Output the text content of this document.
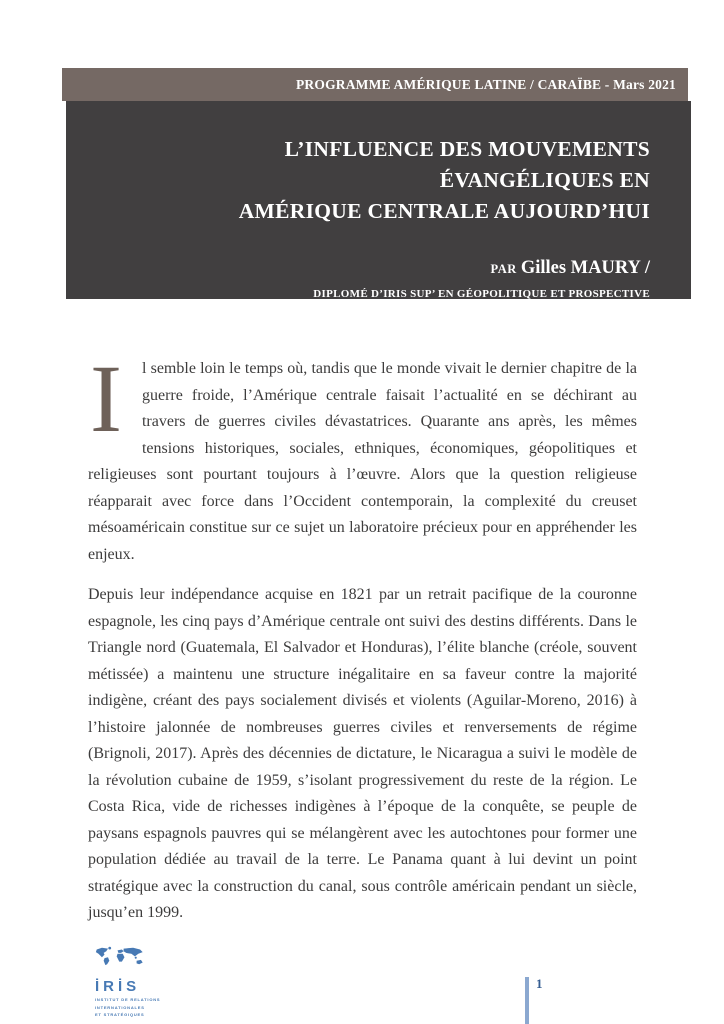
PROGRAMME AMÉRIQUE LATINE / CARAÏBE - Mars 2021
L’INFLUENCE DES MOUVEMENTS ÉVANGÉLIQUES EN
AMÉRIQUE CENTRALE AUJOURD’HUI
PAR Gilles MAURY /
DIPLOMÉ D’IRIS SUP’ EN GÉOPOLITIQUE ET PROSPECTIVE

I l semble loin le temps où, tandis que le monde vivait le dernier chapitre de la guerre froide, l’Amérique centrale faisait l’actualité en se déchirant au travers de guerres civiles dévastatrices. Quarante ans après, les mêmes tensions historiques, sociales, ethniques, économiques, géopolitiques et religieuses sont pourtant toujours à l’œuvre. Alors que la question religieuse réapparait avec force dans l’Occident contemporain, la complexité du creuset mésoaméricain constitue sur ce sujet un laboratoire précieux pour en appréhender les enjeux.

Depuis leur indépendance acquise en 1821 par un retrait pacifique de la couronne espagnole, les cinq pays d’Amérique centrale ont suivi des destins différents. Dans le Triangle nord (Guatemala, El Salvador et Honduras), l’élite blanche (créole, souvent métissée) a maintenu une structure inégalitaire en sa faveur contre la majorité indigène, créant des pays socialement divisés et violents (Aguilar-Moreno, 2016) à l’histoire jalonnée de nombreuses guerres civiles et renversements de régime (Brignoli, 2017). Après des décennies de dictature, le Nicaragua a suivi le modèle de la révolution cubaine de 1959, s’isolant progressivement du reste de la région. Le Costa Rica, vide de richesses indigènes à l’époque de la conquête, se peuple de paysans espagnols pauvres qui se mélangèrent avec les autochtones pour former une population dédiée au travail de la terre. Le Panama quant à lui devint un point stratégique avec la construction du canal, sous contrôle américain pendant un siècle, jusqu’en 1999.

İRİS
INSTITUT DE RELATIONS
INTERNATIONALES
ET STRATÉGIQUES
1
